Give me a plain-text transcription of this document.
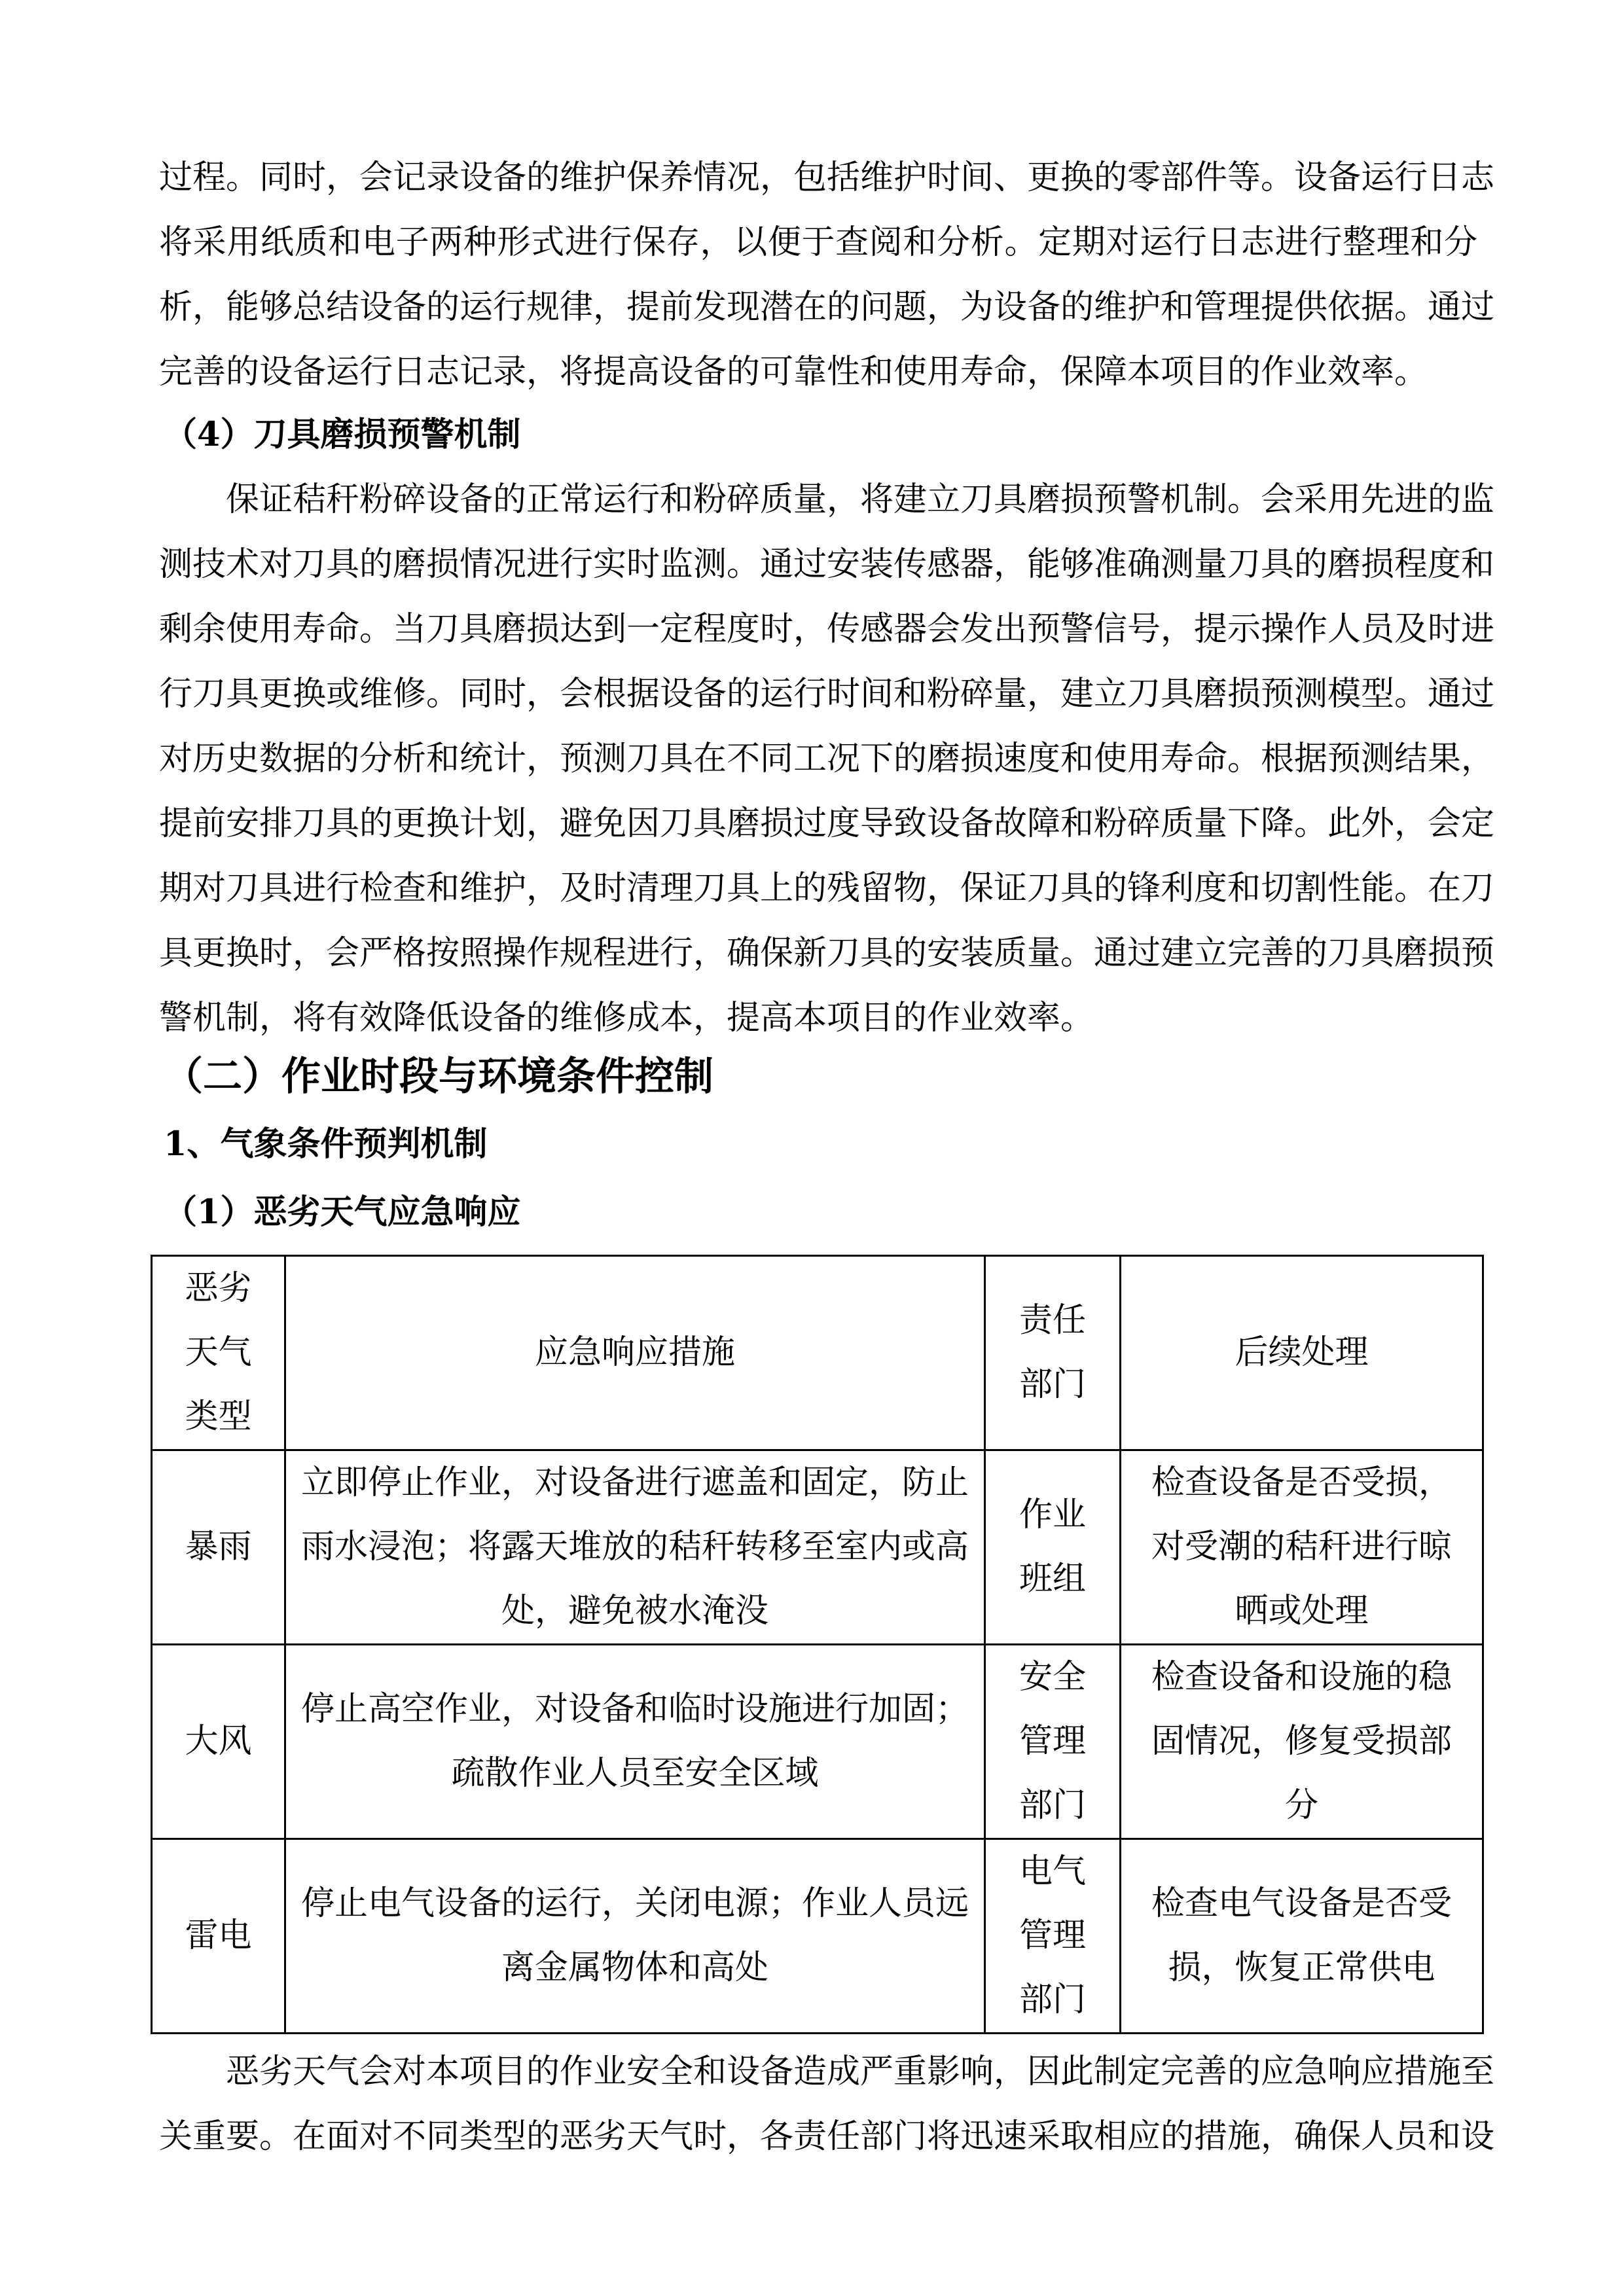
过程。同时，会记录设备的维护保养情况，包括维护时间、更换的零部件等。设备运行日志
将采用纸质和电子两种形式进行保存，以便于查阅和分析。定期对运行日志进行整理和分
析，能够总结设备的运行规律，提前发现潜在的问题，为设备的维护和管理提供依据。通过
完善的设备运行日志记录，将提高设备的可靠性和使用寿命，保障本项目的作业效率。
（4）刀具磨损预警机制
保证秸秆粉碎设备的正常运行和粉碎质量，将建立刀具磨损预警机制。会采用先进的监
测技术对刀具的磨损情况进行实时监测。通过安装传感器，能够准确测量刀具的磨损程度和
剩余使用寿命。当刀具磨损达到一定程度时，传感器会发出预警信号，提示操作人员及时进
行刀具更换或维修。同时，会根据设备的运行时间和粉碎量，建立刀具磨损预测模型。通过
对历史数据的分析和统计，预测刀具在不同工况下的磨损速度和使用寿命。根据预测结果，
提前安排刀具的更换计划，避免因刀具磨损过度导致设备故障和粉碎质量下降。此外，会定
期对刀具进行检查和维护，及时清理刀具上的残留物，保证刀具的锋利度和切割性能。在刀
具更换时，会严格按照操作规程进行，确保新刀具的安装质量。通过建立完善的刀具磨损预
警机制，将有效降低设备的维修成本，提高本项目的作业效率。
（二）作业时段与环境条件控制
1、气象条件预判机制
（1）恶劣天气应急响应
恶劣天气类型	应急响应措施	责任部门	后续处理
暴雨	立即停止作业，对设备进行遮盖和固定，防止雨水浸泡；将露天堆放的秸秆转移至室内或高处，避免被水淹没	作业班组	检查设备是否受损，对受潮的秸秆进行晾晒或处理
大风	停止高空作业，对设备和临时设施进行加固；疏散作业人员至安全区域	安全管理部门	检查设备和设施的稳固情况，修复受损部分
雷电	停止电气设备的运行，关闭电源；作业人员远离金属物体和高处	电气管理部门	检查电气设备是否受损，恢复正常供电
恶劣天气会对本项目的作业安全和设备造成严重影响，因此制定完善的应急响应措施至
关重要。在面对不同类型的恶劣天气时，各责任部门将迅速采取相应的措施，确保人员和设
